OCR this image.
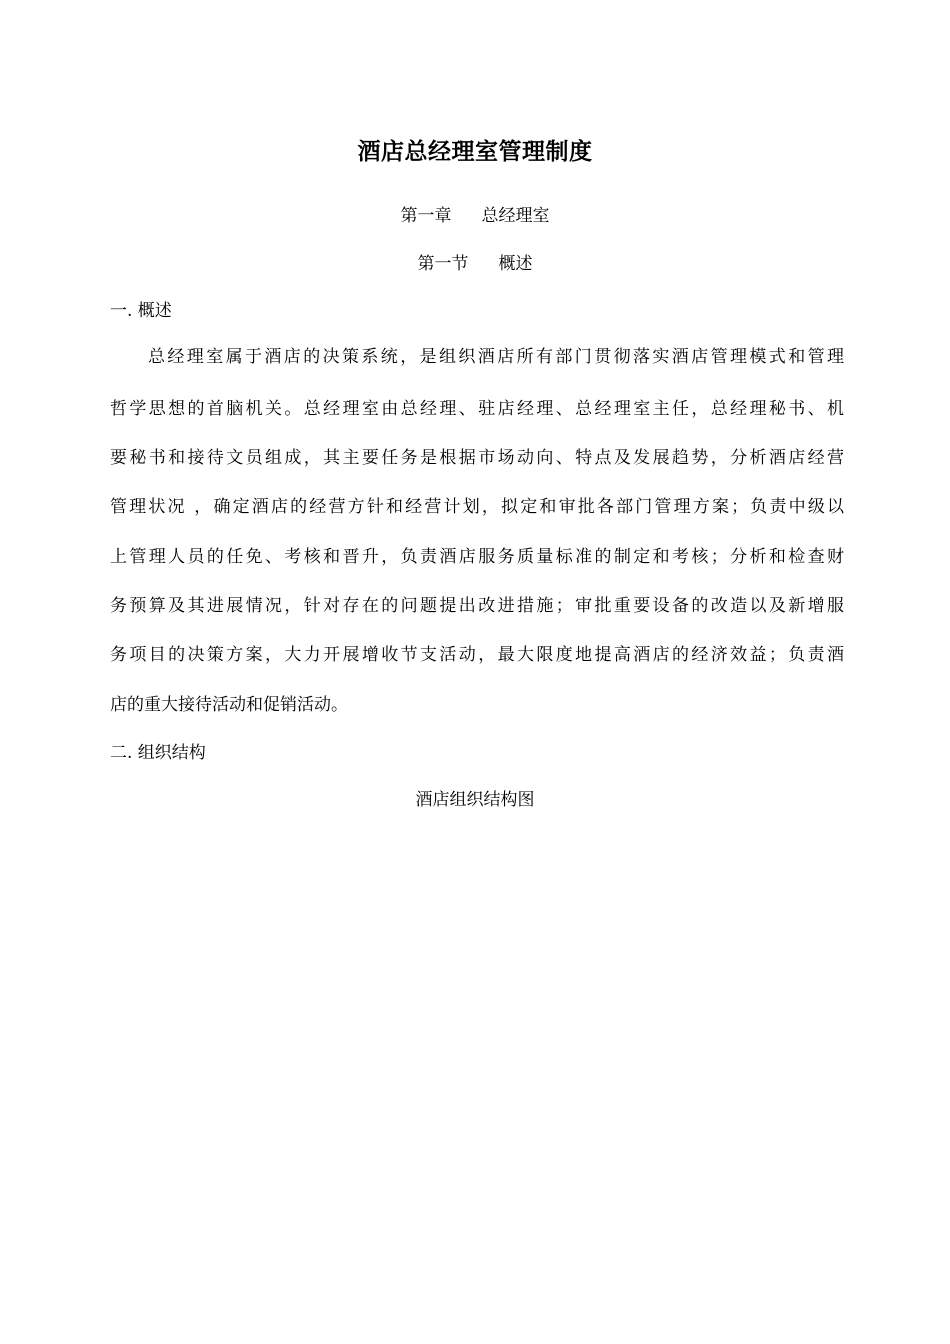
酒店总经理室管理制度
第一章 总经理室
第一节 概述
一. 概述
总经理室属于酒店的决策系统，是组织酒店所有部门贯彻落实酒店管理模式和管理
哲学思想的首脑机关。总经理室由总经理、驻店经理、总经理室主任，总经理秘书、机
要秘书和接待文员组成，其主要任务是根据市场动向、特点及发展趋势，分析酒店经营
管理状况 ，确定酒店的经营方针和经营计划，拟定和审批各部门管理方案；负责中级以
上管理人员的任免、考核和晋升，负责酒店服务质量标准的制定和考核；分析和检查财
务预算及其进展情况，针对存在的问题提出改进措施；审批重要设备的改造以及新增服
务项目的决策方案，大力开展增收节支活动，最大限度地提高酒店的经济效益；负责酒
店的重大接待活动和促销活动。
二. 组织结构
酒店组织结构图
